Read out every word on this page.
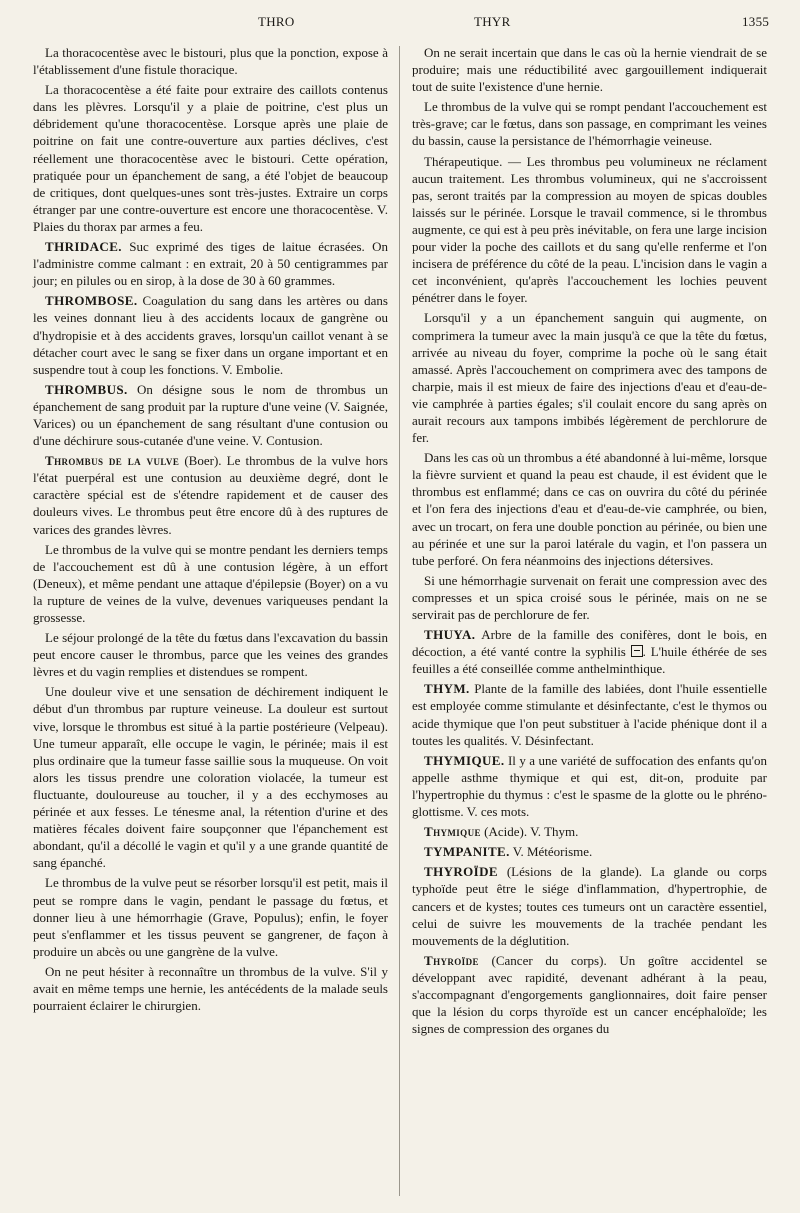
THRO	THYR	1355

La thoracocentèse avec le bistouri, plus que la ponction, expose à l'établissement d'une fistule thoracique.

La thoracocentèse a été faite pour extraire des caillots contenus dans les plèvres. Lorsqu'il y a plaie de poitrine, c'est plus un débridement qu'une thoracocentèse. Lorsque après une plaie de poitrine on fait une contre-ouverture aux parties déclives, c'est réellement une thoracocentèse avec le bistouri. Cette opération, pratiquée pour un épanchement de sang, a été l'objet de beaucoup de critiques, dont quelques-unes sont très-justes. Extraire un corps étranger par une contre-ouverture est encore une thoracocentèse. V. Plaies du thorax par armes a feu.

THRIDACE. Suc exprimé des tiges de laitue écrasées. On l'administre comme calmant : en extrait, 20 à 50 centigrammes par jour; en pilules ou en sirop, à la dose de 30 à 60 grammes.

THROMBOSE. Coagulation du sang dans les artères ou dans les veines donnant lieu à des accidents locaux de gangrène ou d'hydropisie et à des accidents graves, lorsqu'un caillot venant à se détacher court avec le sang se fixer dans un organe important et en suspendre tout à coup les fonctions. V. Embolie.

THROMBUS. On désigne sous le nom de thrombus un épanchement de sang produit par la rupture d'une veine (V. Saignée, Varices) ou un épanchement de sang résultant d'une contusion ou d'une déchirure sous-cutanée d'une veine. V. Contusion.

Thrombus de la vulve (Boer). Le thrombus de la vulve hors l'état puerpéral est une contusion au deuxième degré, dont le caractère spécial est de s'étendre rapidement et de causer des douleurs vives. Le thrombus peut être encore dû à des ruptures de varices des grandes lèvres.

Le thrombus de la vulve qui se montre pendant les derniers temps de l'accouchement est dû à une contusion légère, à un effort (Deneux), et même pendant une attaque d'épilepsie (Boyer) on a vu la rupture de veines de la vulve, devenues variqueuses pendant la grossesse.

Le séjour prolongé de la tête du fœtus dans l'excavation du bassin peut encore causer le thrombus, parce que les veines des grandes lèvres et du vagin remplies et distendues se rompent.

Une douleur vive et une sensation de déchirement indiquent le début d'un thrombus par rupture veineuse. La douleur est surtout vive, lorsque le thrombus est situé à la partie postérieure (Velpeau). Une tumeur apparaît, elle occupe le vagin, le périnée; mais il est plus ordinaire que la tumeur fasse saillie sous la muqueuse. On voit alors les tissus prendre une coloration violacée, la tumeur est fluctuante, douloureuse au toucher, il y a des ecchymoses au périnée et aux fesses. Le ténesme anal, la rétention d'urine et des matières fécales doivent faire soupçonner que l'épanchement est abondant, qu'il a décollé le vagin et qu'il y a une grande quantité de sang épanché.

Le thrombus de la vulve peut se résorber lorsqu'il est petit, mais il peut se rompre dans le vagin, pendant le passage du fœtus, et donner lieu à une hémorrhagie (Grave, Populus); enfin, le foyer peut s'enflammer et les tissus peuvent se gangrener, de façon à produire un abcès ou une gangrène de la vulve.

On ne peut hésiter à reconnaître un thrombus de la vulve. S'il y avait en même temps une hernie, les antécédents de la malade seuls pourraient éclairer le chirurgien.

On ne serait incertain que dans le cas où la hernie viendrait de se produire; mais une réductibilité avec gargouillement indiquerait tout de suite l'existence d'une hernie.

Le thrombus de la vulve qui se rompt pendant l'accouchement est très-grave; car le fœtus, dans son passage, en comprimant les veines du bassin, cause la persistance de l'hémorrhagie veineuse.

Thérapeutique. — Les thrombus peu volumineux ne réclament aucun traitement. Les thrombus volumineux, qui ne s'accroissent pas, seront traités par la compression au moyen de spicas doubles laissés sur le périnée. Lorsque le travail commence, si le thrombus augmente, ce qui est à peu près inévitable, on fera une large incision pour vider la poche des caillots et du sang qu'elle renferme et l'on incisera de préférence du côté de la peau. L'incision dans le vagin a cet inconvénient, qu'après l'accouchement les lochies peuvent pénétrer dans le foyer.

Lorsqu'il y a un épanchement sanguin qui augmente, on comprimera la tumeur avec la main jusqu'à ce que la tête du fœtus, arrivée au niveau du foyer, comprime la poche où le sang était amassé. Après l'accouchement on comprimera avec des tampons de charpie, mais il est mieux de faire des injections d'eau et d'eau-de-vie camphrée à parties égales; s'il coulait encore du sang après on aurait recours aux tampons imbibés légèrement de perchlorure de fer.

Dans les cas où un thrombus a été abandonné à lui-même, lorsque la fièvre survient et quand la peau est chaude, il est évident que le thrombus est enflammé; dans ce cas on ouvrira du côté du périnée et l'on fera des injections d'eau et d'eau-de-vie camphrée, ou bien, avec un trocart, on fera une double ponction au périnée, ou bien une au périnée et une sur la paroi latérale du vagin, et l'on passera un tube perforé. On fera néanmoins des injections détersives.

Si une hémorrhagie survenait on ferait une compression avec des compresses et un spica croisé sous le périnée, mais on ne se servirait pas de perchlorure de fer.

THUYA. Arbre de la famille des conifères, dont le bois, en décoction, a été vanté contre la syphilis . L'huile éthérée de ses feuilles a été conseillée comme anthelminthique.

THYM. Plante de la famille des labiées, dont l'huile essentielle est employée comme stimulante et désinfectante, c'est le thymos ou acide thymique que l'on peut substituer à l'acide phénique dont il a toutes les qualités. V. Désinfectant.

THYMIQUE. Il y a une variété de suffocation des enfants qu'on appelle asthme thymique et qui est, dit-on, produite par l'hypertrophie du thymus : c'est le spasme de la glotte ou le phréno-glottisme. V. ces mots.

Thymique (Acide). V. Thym.

TYMPANITE. V. Météorisme.

THYROÏDE (Lésions de la glande). La glande ou corps typhoïde peut être le siége d'inflammation, d'hypertrophie, de cancers et de kystes; toutes ces tumeurs ont un caractère essentiel, celui de suivre les mouvements de la trachée pendant les mouvements de la déglutition.

Thyroïde (Cancer du corps). Un goître accidentel se développant avec rapidité, devenant adhérant à la peau, s'accompagnant d'engorgements ganglionnaires, doit faire penser que la lésion du corps thyroïde est un cancer encéphaloïde; les signes de compression des organes du
